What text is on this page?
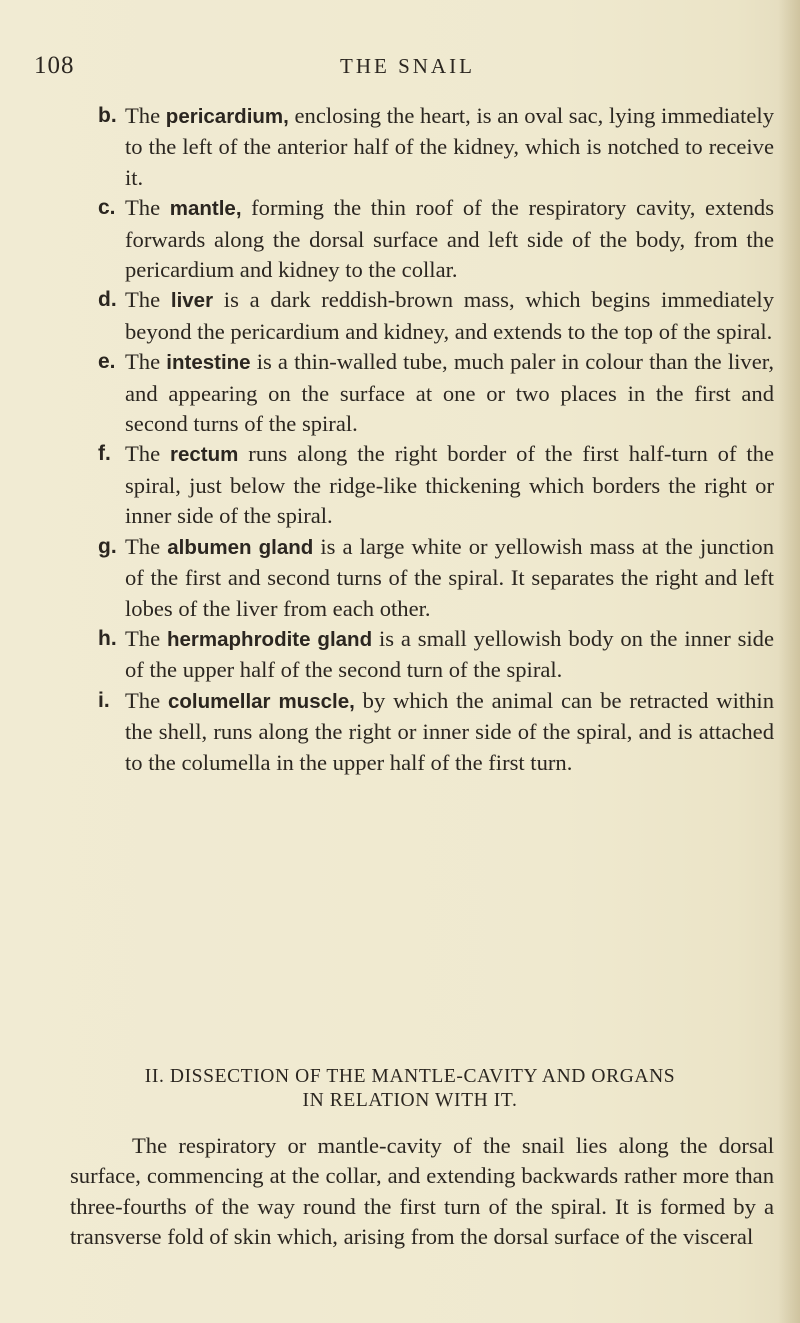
108	THE SNAIL

b. The pericardium, enclosing the heart, is an oval sac, lying immediately to the left of the anterior half of the kidney, which is notched to receive it.

c. The mantle, forming the thin roof of the respiratory cavity, extends forwards along the dorsal surface and left side of the body, from the pericardium and kidney to the collar.

d. The liver is a dark reddish-brown mass, which begins immediately beyond the pericardium and kidney, and extends to the top of the spiral.

e. The intestine is a thin-walled tube, much paler in colour than the liver, and appearing on the surface at one or two places in the first and second turns of the spiral.

f. The rectum runs along the right border of the first half-turn of the spiral, just below the ridge-like thickening which borders the right or inner side of the spiral.

g. The albumen gland is a large white or yellowish mass at the junction of the first and second turns of the spiral. It separates the right and left lobes of the liver from each other.

h. The hermaphrodite gland is a small yellowish body on the inner side of the upper half of the second turn of the spiral.

i. The columellar muscle, by which the animal can be retracted within the shell, runs along the right or inner side of the spiral, and is attached to the columella in the upper half of the first turn.

II. DISSECTION OF THE MANTLE-CAVITY AND ORGANS
IN RELATION WITH IT.

The respiratory or mantle-cavity of the snail lies along the dorsal surface, commencing at the collar, and extending backwards rather more than three-fourths of the way round the first turn of the spiral. It is formed by a transverse fold of skin which, arising from the dorsal surface of the visceral
